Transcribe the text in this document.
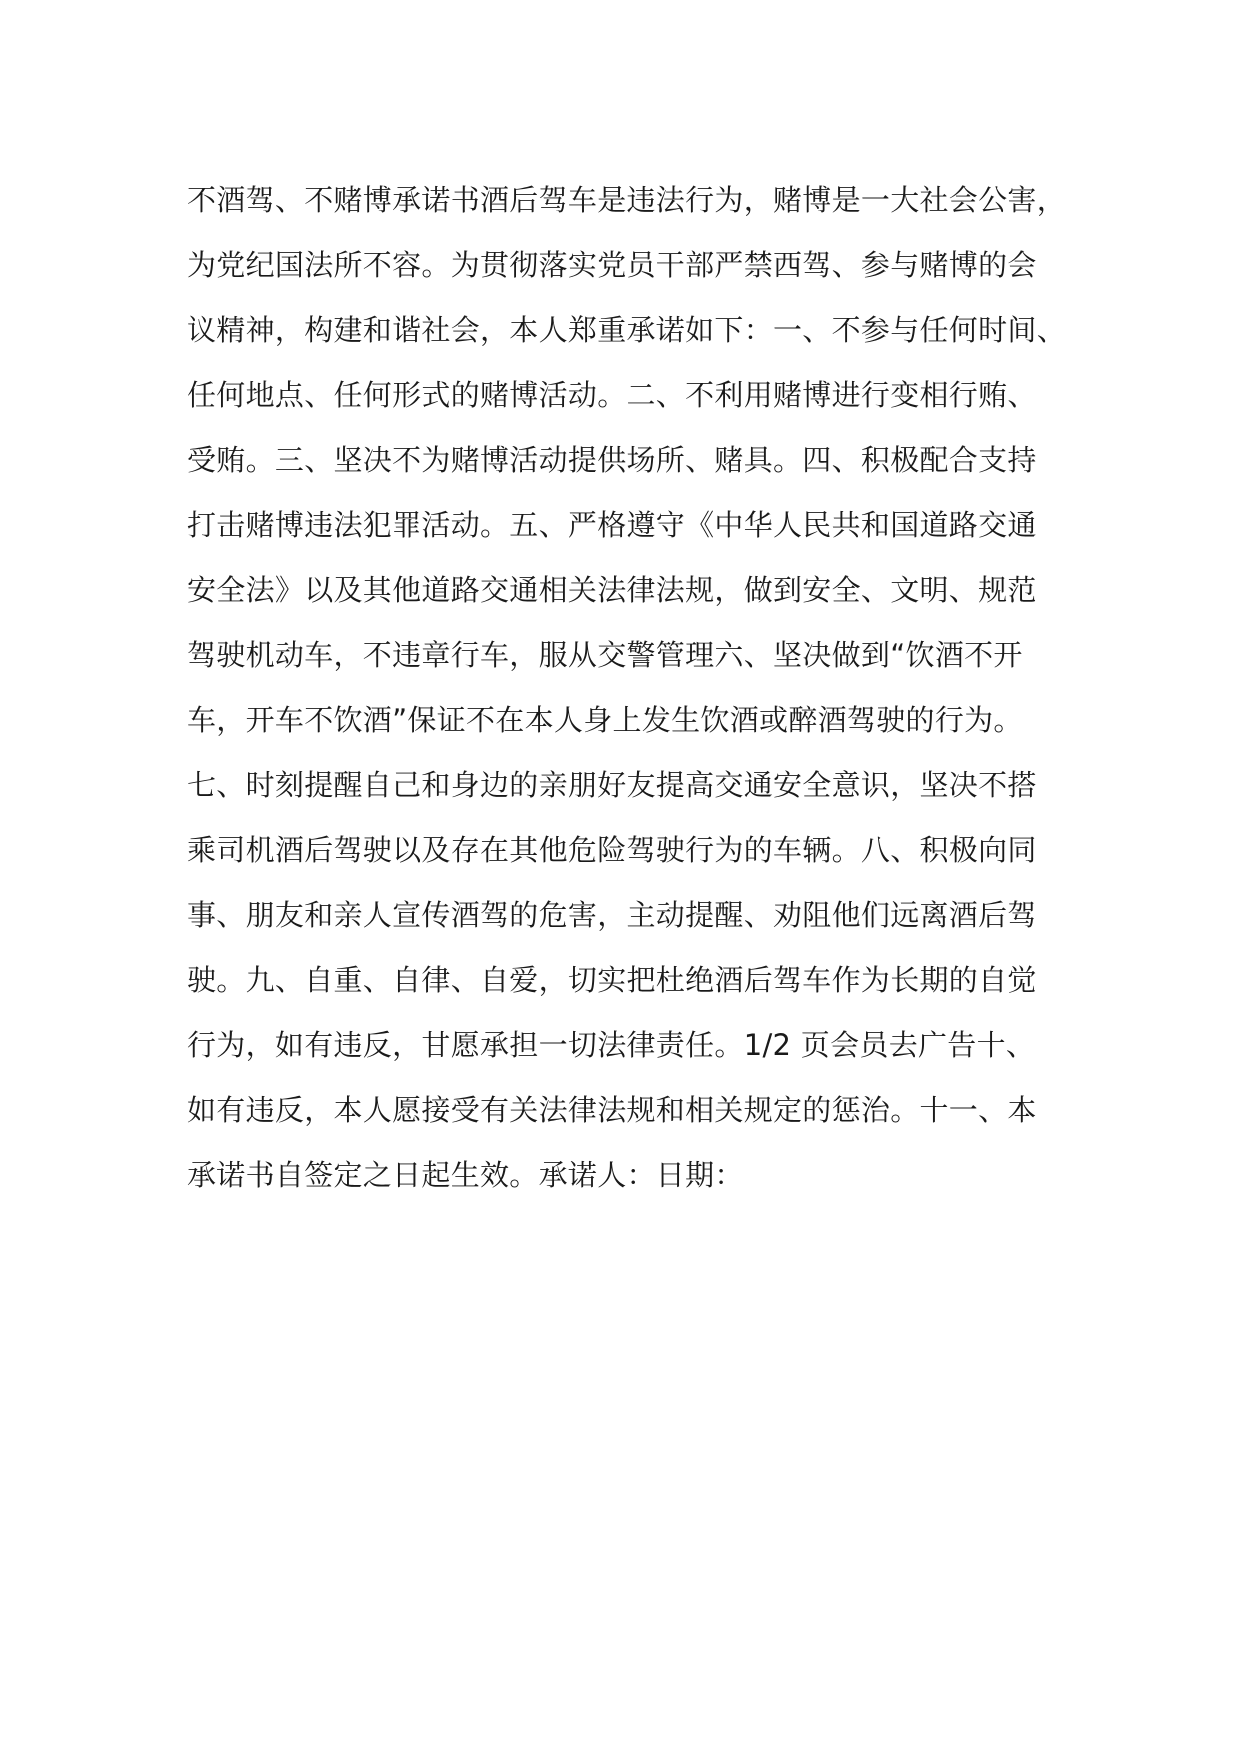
不酒驾、不赌博承诺书酒后驾车是违法行为，赌博是一大社会公害，
为党纪国法所不容。为贯彻落实党员干部严禁西驾、参与赌博的会
议精神，构建和谐社会，本人郑重承诺如下：一、不参与任何时间、
任何地点、任何形式的赌博活动。二、不利用赌博进行变相行贿、
受贿。三、坚决不为赌博活动提供场所、赌具。四、积极配合支持
打击赌博违法犯罪活动。五、严格遵守《中华人民共和国道路交通
安全法》以及其他道路交通相关法律法规，做到安全、文明、规范
驾驶机动车，不违章行车，服从交警管理六、坚决做到“饮酒不开
车，开车不饮酒”保证不在本人身上发生饮酒或醉酒驾驶的行为。
七、时刻提醒自己和身边的亲朋好友提高交通安全意识，坚决不搭
乘司机酒后驾驶以及存在其他危险驾驶行为的车辆。八、积极向同
事、朋友和亲人宣传酒驾的危害，主动提醒、劝阻他们远离酒后驾
驶。九、自重、自律、自爱，切实把杜绝酒后驾车作为长期的自觉
行为，如有违反，甘愿承担一切法律责任。1/2 页会员去广告十、
如有违反，本人愿接受有关法律法规和相关规定的惩治。十一、本
承诺书自签定之日起生效。承诺人：日期：
